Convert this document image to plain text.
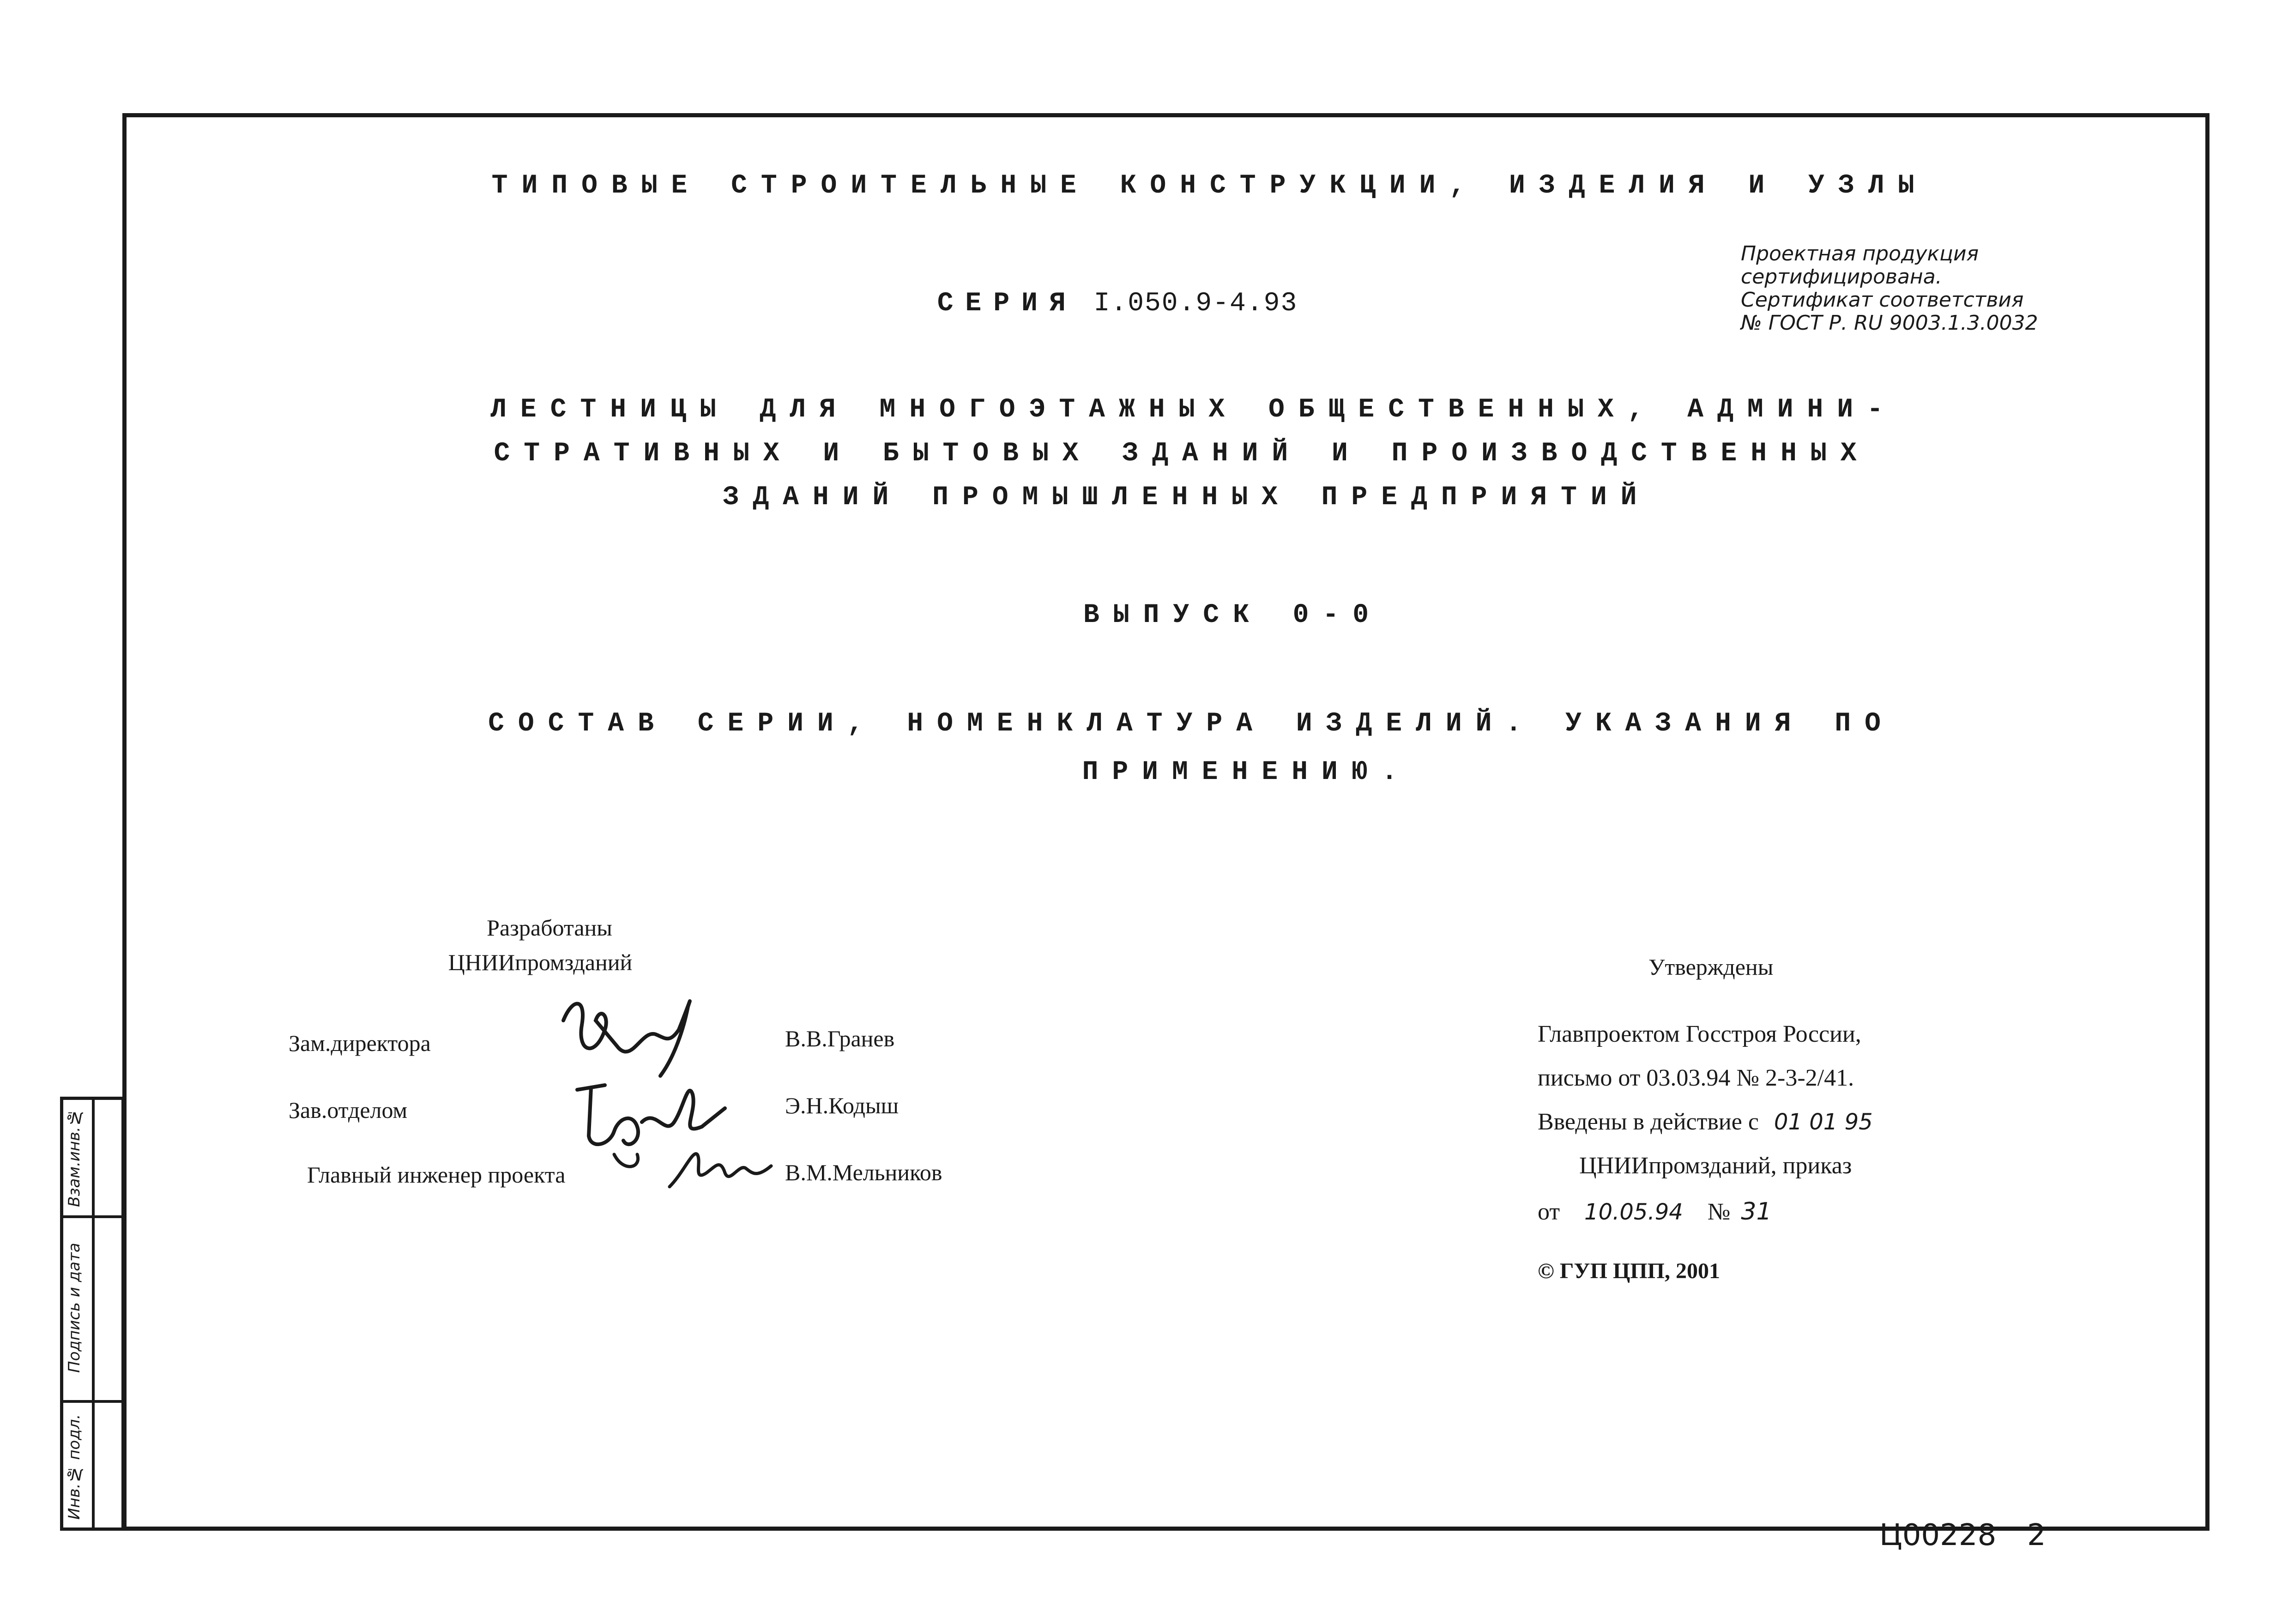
ТИПОВЫЕ СТРОИТЕЛЬНЫЕ КОНСТРУКЦИИ, ИЗДЕЛИЯ И УЗЛЫ
СЕРИЯ I.050.9-4.93
Проектная продукция
сертифицирована.
Сертификат соответствия
№ ГОСТ Р. RU 9003.1.3.0032
ЛЕСТНИЦЫ ДЛЯ МНОГОЭТАЖНЫХ ОБЩЕСТВЕННЫХ, АДМИНИ-
СТРАТИВНЫХ И БЫТОВЫХ ЗДАНИЙ И ПРОИЗВОДСТВЕННЫХ
ЗДАНИЙ ПРОМЫШЛЕННЫХ ПРЕДПРИЯТИЙ
ВЫПУСК 0-0
СОСТАВ СЕРИИ, НОМЕНКЛАТУРА ИЗДЕЛИЙ. УКАЗАНИЯ ПО
ПРИМЕНЕНИЮ.
Разработаны
ЦНИИпромзданий
Зам.директора	В.В.Гранев
Зав.отделом	Э.Н.Кодыш
Главный инженер проекта	В.М.Мельников
Утверждены
Главпроектом Госстроя России,
письмо от 03.03.94 № 2-3-2/41.
Введены в действие с 01 01 95
ЦНИИпромзданий, приказ
от 10.05.94 № 31
© ГУП ЦПП, 2001
Инв.№ подл.
Подпись и дата
Взам.инв.№
Ц00228 2
